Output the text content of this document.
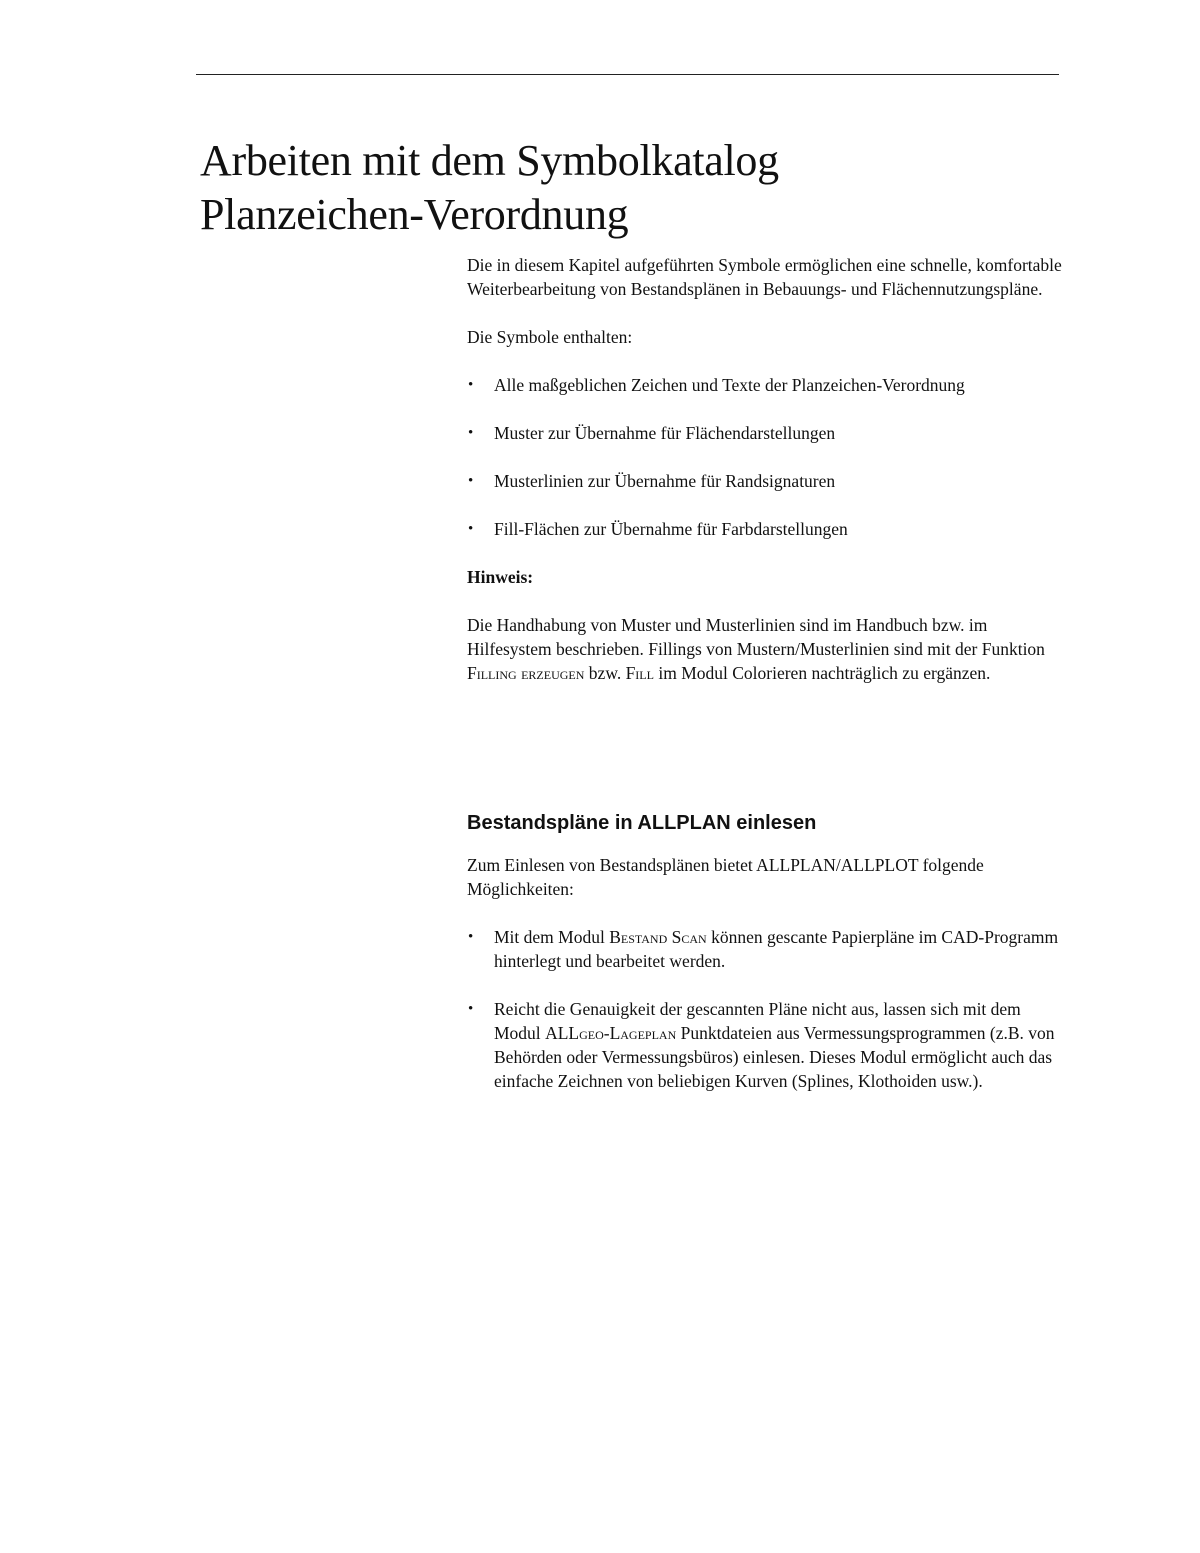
Arbeiten mit dem Symbolkatalog
Planzeichen-Verordnung

Die in diesem Kapitel aufgeführten Symbole ermöglichen eine schnelle, komfortable Weiterbearbeitung von Bestandsplänen in Bebauungs- und Flächennutzungspläne.

Die Symbole enthalten:

• Alle maßgeblichen Zeichen und Texte der Planzeichen-Verordnung
• Muster zur Übernahme für Flächendarstellungen
• Musterlinien zur Übernahme für Randsignaturen
• Fill-Flächen zur Übernahme für Farbdarstellungen

Hinweis:

Die Handhabung von Muster und Musterlinien sind im Handbuch bzw. im Hilfesystem beschrieben. Fillings von Mustern/Musterlinien sind mit der Funktion Filling erzeugen bzw. Fill im Modul Colorieren nachträglich zu ergänzen.

Bestandspläne in ALLPLAN einlesen

Zum Einlesen von Bestandsplänen bietet ALLPLAN/ALLPLOT folgende Möglichkeiten:

• Mit dem Modul Bestand Scan können gescante Papierpläne im CAD-Programm hinterlegt und bearbeitet werden.
• Reicht die Genauigkeit der gescannten Pläne nicht aus, lassen sich mit dem Modul ALLgeo-Lageplan Punktdateien aus Vermessungsprogrammen (z.B. von Behörden oder Vermessungsbüros) einlesen. Dieses Modul ermöglicht auch das einfache Zeichnen von beliebigen Kurven (Splines, Klothoiden usw.).
